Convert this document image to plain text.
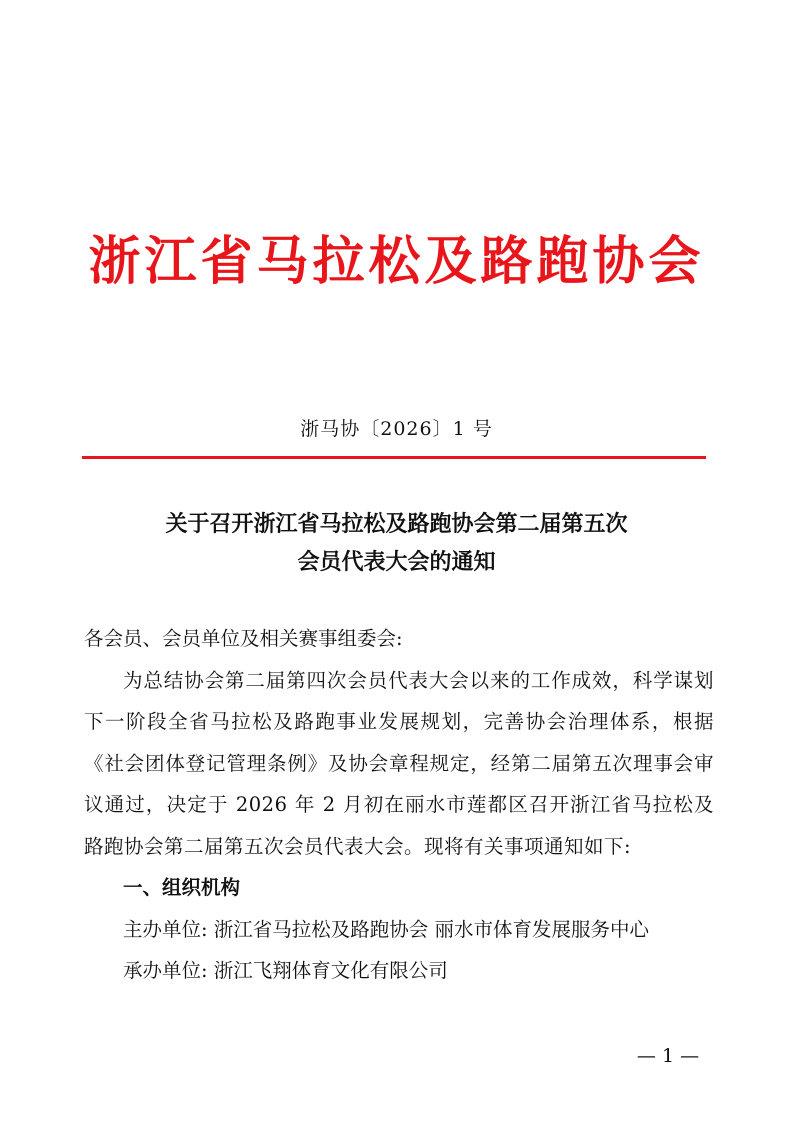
浙江省马拉松及路跑协会
浙马协〔2026〕1 号
关于召开浙江省马拉松及路跑协会第二届第五次
会员代表大会的通知

各会员、会员单位及相关赛事组委会:

为总结协会第二届第四次会员代表大会以来的工作成效，科学谋划下一阶段全省马拉松及路跑事业发展规划，完善协会治理体系，根据《社会团体登记管理条例》及协会章程规定，经第二届第五次理事会审议通过，决定于 2026 年 2 月初在丽水市莲都区召开浙江省马拉松及路跑协会第二届第五次会员代表大会。现将有关事项通知如下:

一、组织机构

主办单位: 浙江省马拉松及路跑协会 丽水市体育发展服务中心

承办单位: 浙江飞翔体育文化有限公司

— 1 —
